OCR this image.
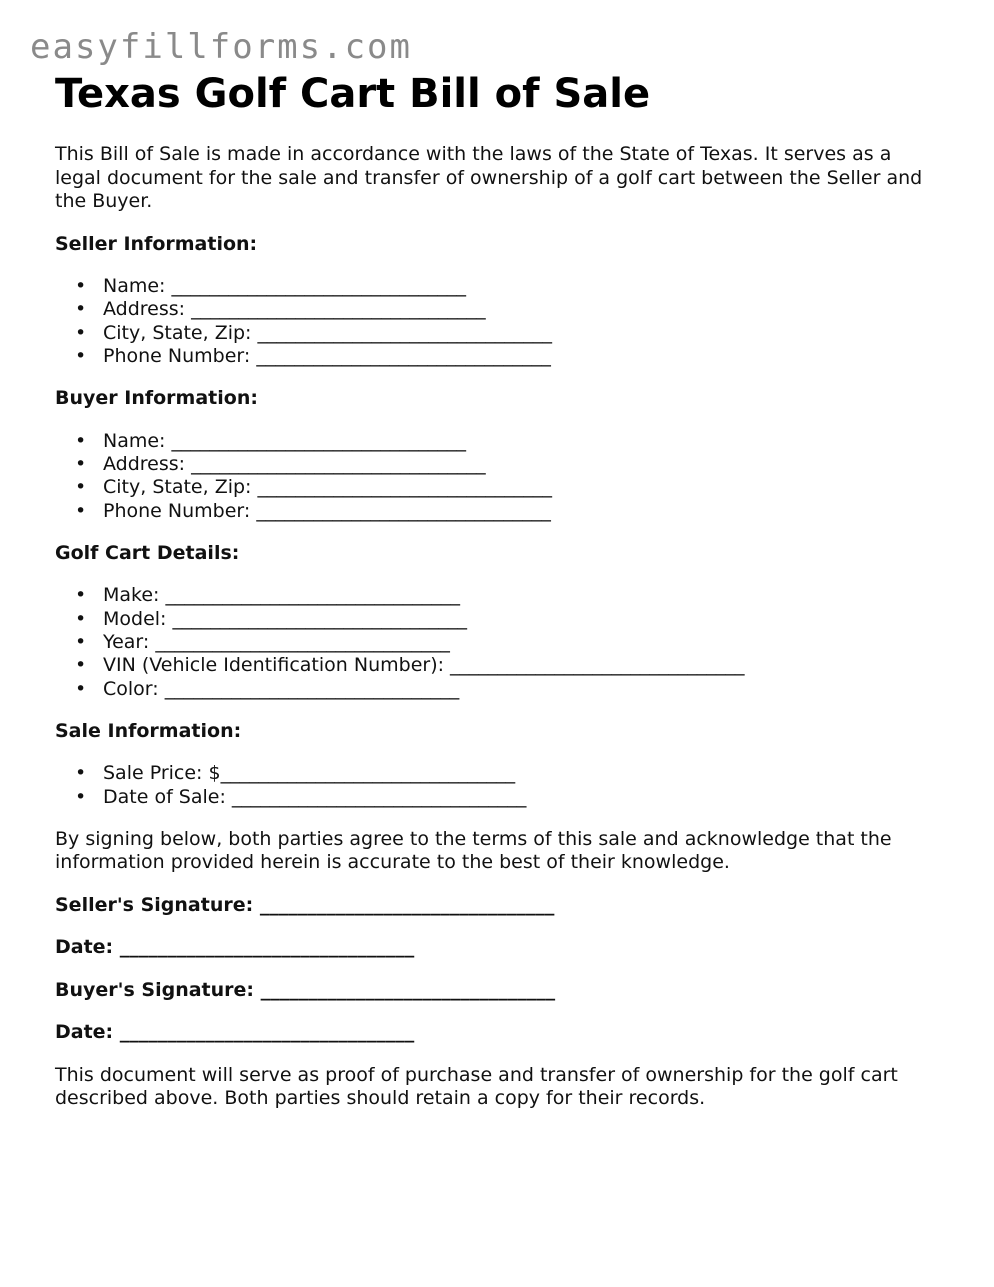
easyfillforms.com
Texas Golf Cart Bill of Sale

This Bill of Sale is made in accordance with the laws of the State of Texas. It serves as a legal document for the sale and transfer of ownership of a golf cart between the Seller and the Buyer.

Seller Information:
• Name: _______________________________
• Address: _______________________________
• City, State, Zip: _______________________________
• Phone Number: _______________________________
Buyer Information:
• Name: _______________________________
• Address: _______________________________
• City, State, Zip: _______________________________
• Phone Number: _______________________________
Golf Cart Details:
• Make: _______________________________
• Model: _______________________________
• Year: _______________________________
• VIN (Vehicle Identification Number): _______________________________
• Color: _______________________________
Sale Information:
• Sale Price: $_______________________________
• Date of Sale: _______________________________

By signing below, both parties agree to the terms of this sale and acknowledge that the information provided herein is accurate to the best of their knowledge.

Seller's Signature: _______________________________
Date: _______________________________
Buyer's Signature: _______________________________
Date: _______________________________

This document will serve as proof of purchase and transfer of ownership for the golf cart described above. Both parties should retain a copy for their records.
